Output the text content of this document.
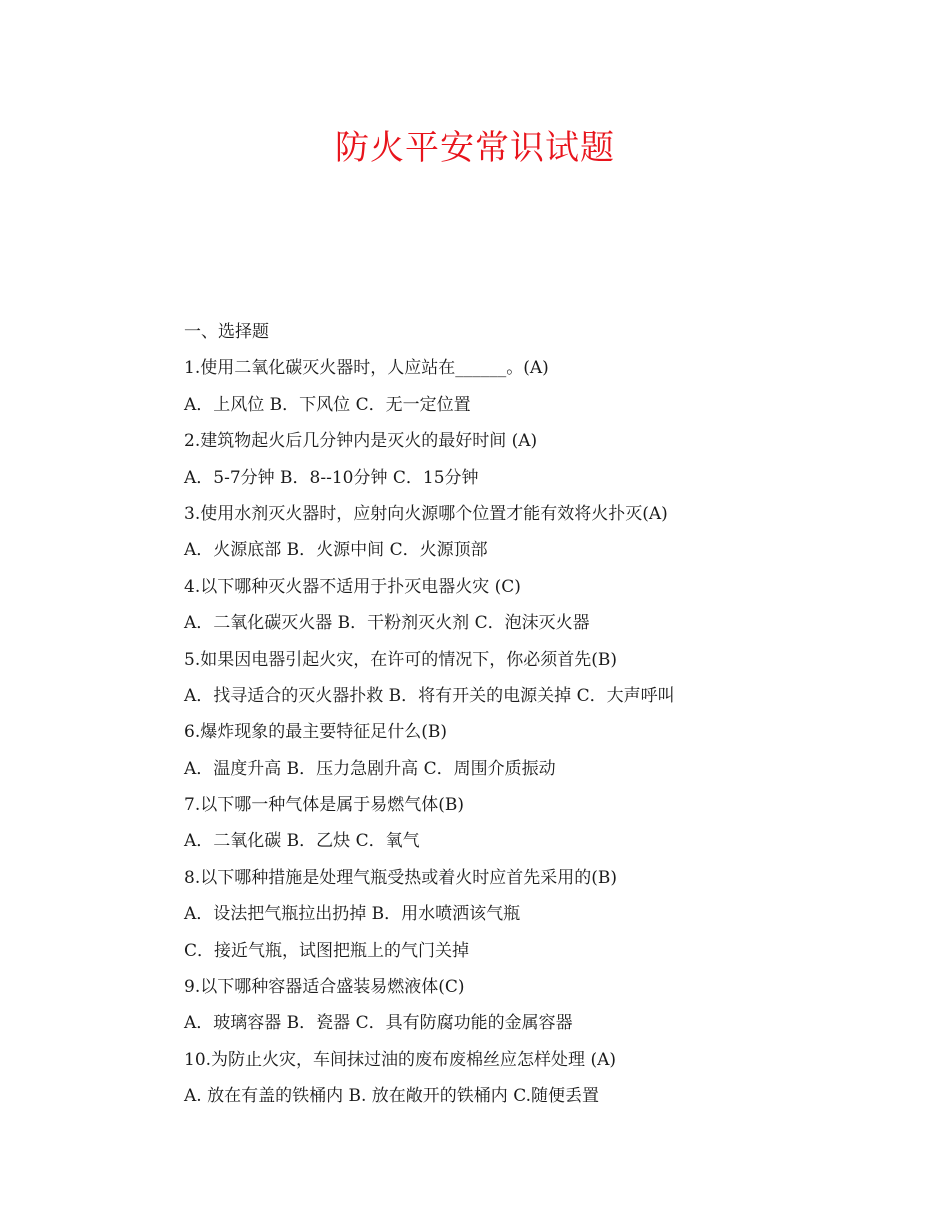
防火平安常识试题

一、选择题

1.使用二氧化碳灭火器时，人应站在______。(A)

A．上风位 B．下风位 C．无一定位置

2.建筑物起火后几分钟内是灭火的最好时间 (A)

A．5-7分钟 B．8--10分钟 C．15分钟

3.使用水剂灭火器时，应射向火源哪个位置才能有效将火扑灭(A)

A．火源底部 B．火源中间 C．火源顶部

4.以下哪种灭火器不适用于扑灭电器火灾 (C)

A．二氧化碳灭火器 B．干粉剂灭火剂 C．泡沫灭火器

5.如果因电器引起火灾，在许可的情况下，你必须首先(B)

A．找寻适合的灭火器扑救 B．将有开关的电源关掉 C．大声呼叫

6.爆炸现象的最主要特征足什么(B)

A．温度升高 B．压力急剧升高 C．周围介质振动

7.以下哪一种气体是属于易燃气体(B)

A．二氧化碳 B．乙炔 C．氧气

8.以下哪种措施是处理气瓶受热或着火时应首先采用的(B)

A．设法把气瓶拉出扔掉 B．用水喷洒该气瓶

C．接近气瓶，试图把瓶上的气门关掉

9.以下哪种容器适合盛装易燃液体(C)

A．玻璃容器 B．瓷器 C．具有防腐功能的金属容器

10.为防止火灾，车间抹过油的废布废棉丝应怎样处理 (A)

A. 放在有盖的铁桶内 B. 放在敞开的铁桶内 C.随便丢置
